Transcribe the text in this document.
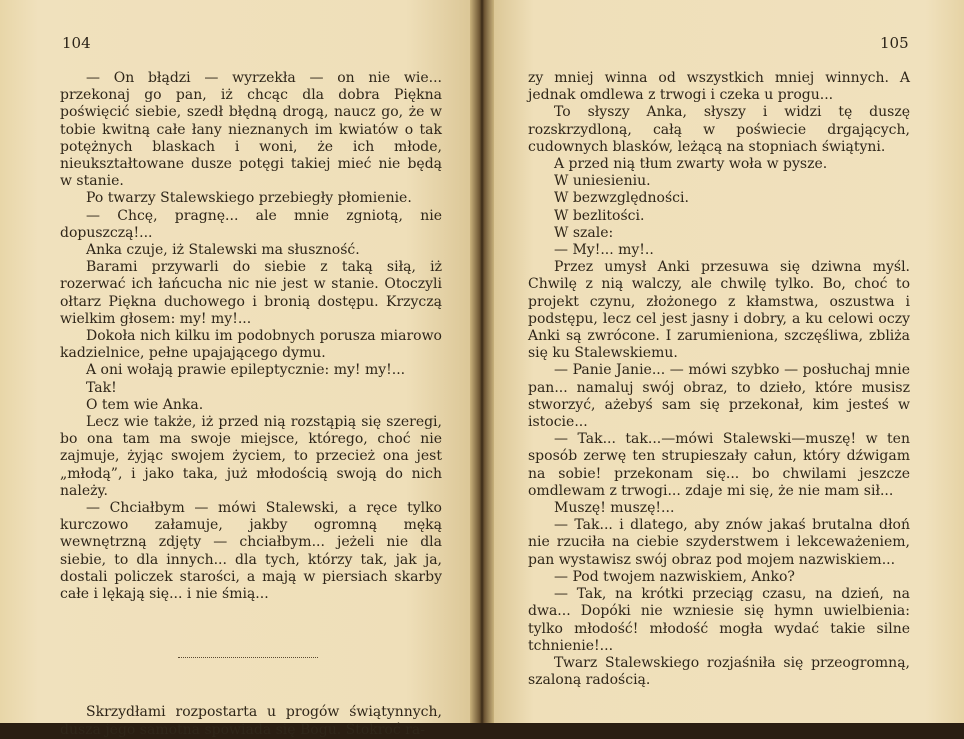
104

— On błądzi — wyrzekła — on nie wie... przekonaj go pan, iż chcąc dla dobra Piękna poświęcić siebie, szedł błędną drogą, naucz go, że w tobie kwitną całe łany nieznanych im kwiatów o tak potężnych blaskach i woni, że ich młode, nieukształtowane dusze potęgi takiej mieć nie będą w stanie.

Po twarzy Stalewskiego przebiegły płomienie.

— Chcę, pragnę... ale mnie zgniotą, nie dopuszczą!...

Anka czuje, iż Stalewski ma słuszność.

Barami przywarli do siebie z taką siłą, iż rozerwać ich łańcucha nic nie jest w stanie. Otoczyli ołtarz Piękna duchowego i bronią dostępu. Krzyczą wielkim głosem: my! my!...

Dokoła nich kilku im podobnych porusza miarowo kadzielnice, pełne upajającego dymu.

A oni wołają prawie epileptycznie: my! my!...

Tak!

O tem wie Anka.

Lecz wie także, iż przed nią rozstąpią się szeregi, bo ona tam ma swoje miejsce, którego, choć nie zajmuje, żyjąc swojem życiem, to przecież ona jest „młodą”, i jako taka, już młodością swoją do nich należy.

— Chciałbym — mówi Stalewski, a ręce tylko kurczowo załamuje, jakby ogromną męką wewnętrzną zdjęty — chciałbym... jeżeli nie dla siebie, to dla innych... dla tych, którzy tak, jak ja, dostali policzek starości, a mają w piersiach skarby całe i lękają się... i nie śmią...

Skrzydłami rozpostarta u progów świątynnych, dusza jego samotna spowiada się Bogu. Stokroć ra-

105

zy mniej winna od wszystkich mniej winnych. A jednak omdlewa z trwogi i czeka u progu...

To słyszy Anka, słyszy i widzi tę duszę rozskrzydloną, całą w poświecie drgających, cudownych blasków, leżącą na stopniach świątyni.

A przed nią tłum zwarty woła w pysze.

W uniesieniu.

W bezwzględności.

W bezlitości.

W szale:

— My!... my!..

Przez umysł Anki przesuwa się dziwna myśl. Chwilę z nią walczy, ale chwilę tylko. Bo, choć to projekt czynu, złożonego z kłamstwa, oszustwa i podstępu, lecz cel jest jasny i dobry, a ku celowi oczy Anki są zwrócone. I zarumieniona, szczęśliwa, zbliża się ku Stalewskiemu.

— Panie Janie... — mówi szybko — posłuchaj mnie pan... namaluj swój obraz, to dzieło, które musisz stworzyć, ażebyś sam się przekonał, kim jesteś w istocie...

— Tak... tak...—mówi Stalewski—muszę! w ten sposób zerwę ten strupieszały całun, który dźwigam na sobie! przekonam się... bo chwilami jeszcze omdlewam z trwogi... zdaje mi się, że nie mam sił...

Muszę! muszę!...

— Tak... i dlatego, aby znów jakaś brutalna dłoń nie rzuciła na ciebie szyderstwem i lekceważeniem, pan wystawisz swój obraz pod mojem nazwiskiem...

— Pod twojem nazwiskiem, Anko?

— Tak, na krótki przeciąg czasu, na dzień, na dwa... Dopóki nie wzniesie się hymn uwielbienia: tylko młodość! młodość mogła wydać takie silne tchnienie!...

Twarz Stalewskiego rozjaśniła się przeogromną, szaloną radością.
